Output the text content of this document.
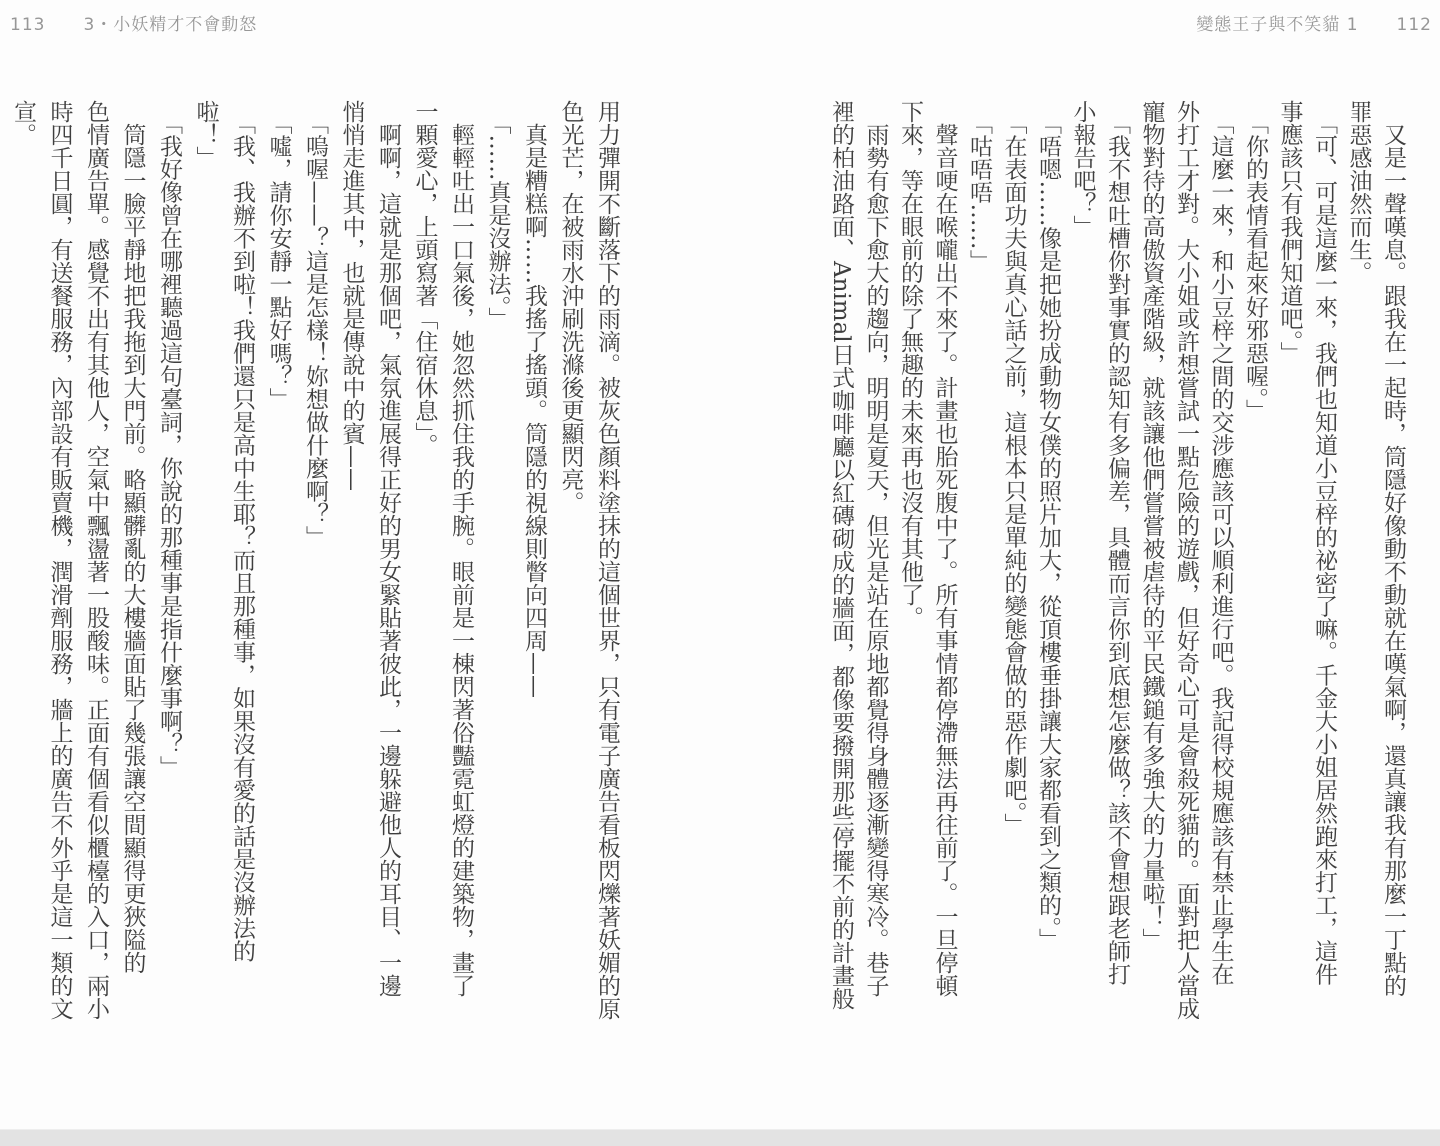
113 3・小妖精才不會動怒	變態王子與不笑貓 1 112

　又是一聲嘆息。跟我在一起時，筒隱好像動不動就在嘆氣啊，還真讓我有那麼一丁點的

罪惡感油然而生。

　「可、可是這麼一來，我們也知道小豆梓的祕密了嘛。千金大小姐居然跑來打工，這件

事應該只有我們知道吧。」

　「你的表情看起來好邪惡喔。」

　「這麼一來，和小豆梓之間的交涉應該可以順利進行吧。我記得校規應該有禁止學生在

外打工才對。大小姐或許想嘗試一點危險的遊戲，但好奇心可是會殺死貓的。面對把人當成

寵物對待的高傲資產階級，就該讓他們嘗嘗被虐待的平民鐵鎚有多強大的力量啦！」

　「我不想吐槽你對事實的認知有多偏差，具體而言你到底想怎麼做？該不會想跟老師打

小報告吧？」

　「唔嗯……像是把她扮成動物女僕的照片加大，從頂樓垂掛讓大家都看到之類的。」

　「在表面功夫與真心話之前，這根本只是單純的變態會做的惡作劇吧。」

　「咕唔唔……」

　聲音哽在喉嚨出不來了。計畫也胎死腹中了。所有事情都停滯無法再往前了。一旦停頓

下來，等在眼前的除了無趣的未來再也沒有其他了。

　雨勢有愈下愈大的趨向，明明是夏天，但光是站在原地都覺得身體逐漸變得寒冷。巷子

裡的柏油路面、Animal日式咖啡廳以紅磚砌成的牆面，都像要撥開那些停擺不前的計畫般

用力彈開不斷落下的雨滴。被灰色顏料塗抹的這個世界，只有電子廣告看板閃爍著妖媚的原

色光芒，在被雨水沖刷洗滌後更顯閃亮。

　真是糟糕啊……我搖了搖頭。筒隱的視線則瞥向四周——

　「……真是沒辦法。」

　輕輕吐出一口氣後，她忽然抓住我的手腕。眼前是一棟閃著俗豔霓虹燈的建築物，畫了

一顆愛心，上頭寫著「住宿休息」。

　啊啊，這就是那個吧，氣氛進展得正好的男女緊貼著彼此，一邊躲避他人的耳目、一邊

悄悄走進其中，也就是傳說中的賓——

　「嗚喔——？這是怎樣！妳想做什麼啊？」

　「噓，請你安靜一點好嗎？」

　「我、我辦不到啦！我們還只是高中生耶？而且那種事，如果沒有愛的話是沒辦法的

啦！」

　「我好像曾在哪裡聽過這句臺詞，你說的那種事是指什麼事啊？」

　筒隱一臉平靜地把我拖到大門前。略顯髒亂的大樓牆面貼了幾張讓空間顯得更狹隘的

色情廣告單。感覺不出有其他人，空氣中飄盪著一股酸味。正面有個看似櫃檯的入口，兩小

時四千日圓，有送餐服務，內部設有販賣機，潤滑劑服務，牆上的廣告不外乎是這一類的文

宣。
